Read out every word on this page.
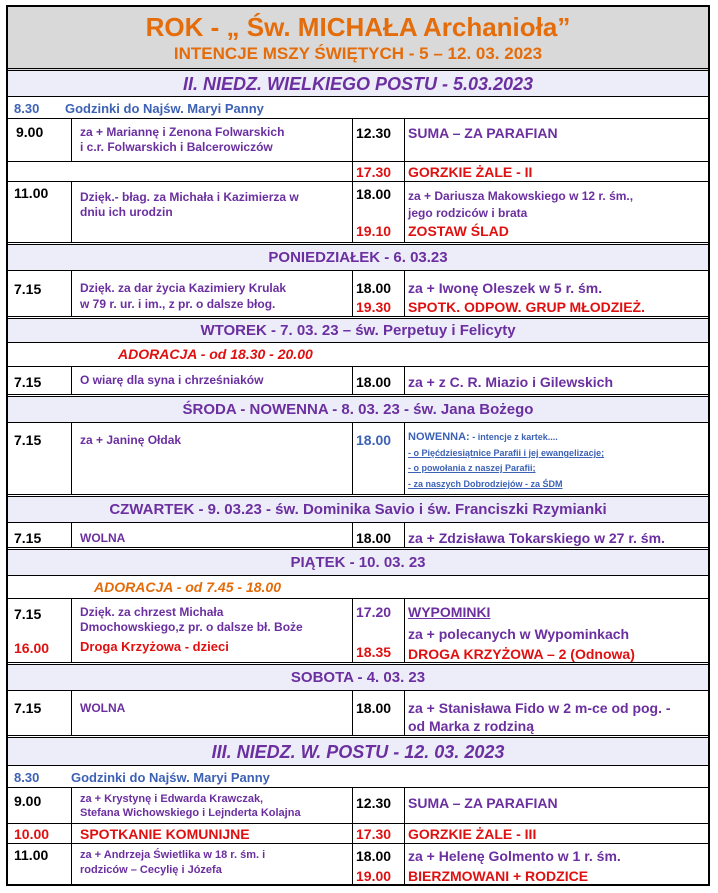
ROK - „ Św. MICHAŁA Archanioła”
INTENCJE MSZY ŚWIĘTYCH - 5 – 12. 03. 2023
II. NIEDZ. WIELKIEGO POSTU - 5.03.2023
8.30 Godzinki do Najśw. Maryi Panny
9.00	za + Mariannę i Zenona Folwarskich
i c.r. Folwarskich i Balcerowiczów
12.30 SUMA – ZA PARAFIAN
17.30 GORZKIE ŻALE - II
11.00	Dzięk.- błag. za Michała i Kazimierza w
dniu ich urodzin
18.00 za + Dariusza Makowskiego w 12 r. śm.,
jego rodziców i brata
19.10 ZOSTAW ŚLAD
PONIEDZIAŁEK - 6. 03.23
7.15	Dzięk. za dar życia Kazimiery Krulak
w 79 r. ur. i im., z pr. o dalsze błog.
18.00 za + Iwonę Oleszek w 5 r. śm.
19.30 SPOTK. ODPOW. GRUP MŁODZIEŻ.
WTOREK - 7. 03. 23 – św. Perpetuy i Felicyty
ADORACJA - od 18.30 - 20.00
7.15	O wiarę dla syna i chrześniaków	18.00 za + z C. R. Miazio i Gilewskich
ŚRODA - NOWENNA - 8. 03. 23 - św. Jana Bożego
7.15	za + Janinę Ołdak	18.00 NOWENNA: - intencje z kartek....
- o Pięćdziesiątnice Parafii i jej ewangelizacje;
- o powołania z naszej Parafii;
- za naszych Dobrodziejów - za ŚDM
CZWARTEK - 9. 03.23 - św. Dominika Savio i św. Franciszki Rzymianki
7.15	WOLNA	18.00 za + Zdzisława Tokarskiego w 27 r. śm.
PIĄTEK - 10. 03. 23
ADORACJA - od 7.45 - 18.00
7.15	Dzięk. za chrzest Michała
Dmochowskiego,z pr. o dalsze bł. Boże
16.00 Droga Krzyżowa - dzieci
17.20 WYPOMINKI
za + polecanych w Wypominkach
18.35 DROGA KRZYŻOWA – 2 (Odnowa)
SOBOTA - 4. 03. 23
7.15	WOLNA	18.00 za + Stanisława Fido w 2 m-ce od pog. -
od Marka z rodziną
III. NIEDZ. W. POSTU - 12. 03. 2023
8.30 Godzinki do Najśw. Maryi Panny
9.00	za + Krystynę i Edwarda Krawczak,
Stefana Wichowskiego i Lejnderta Kolajna
12.30 SUMA – ZA PARAFIAN
10.00 SPOTKANIE KOMUNIJNE	17.30 GORZKIE ŻALE - III
11.00	za + Andrzeja Świetlika w 18 r. śm. i
rodziców – Cecylię i Józefa
18.00 za + Helenę Golmento w 1 r. śm.
19.00 BIERZMOWANI + RODZICE
